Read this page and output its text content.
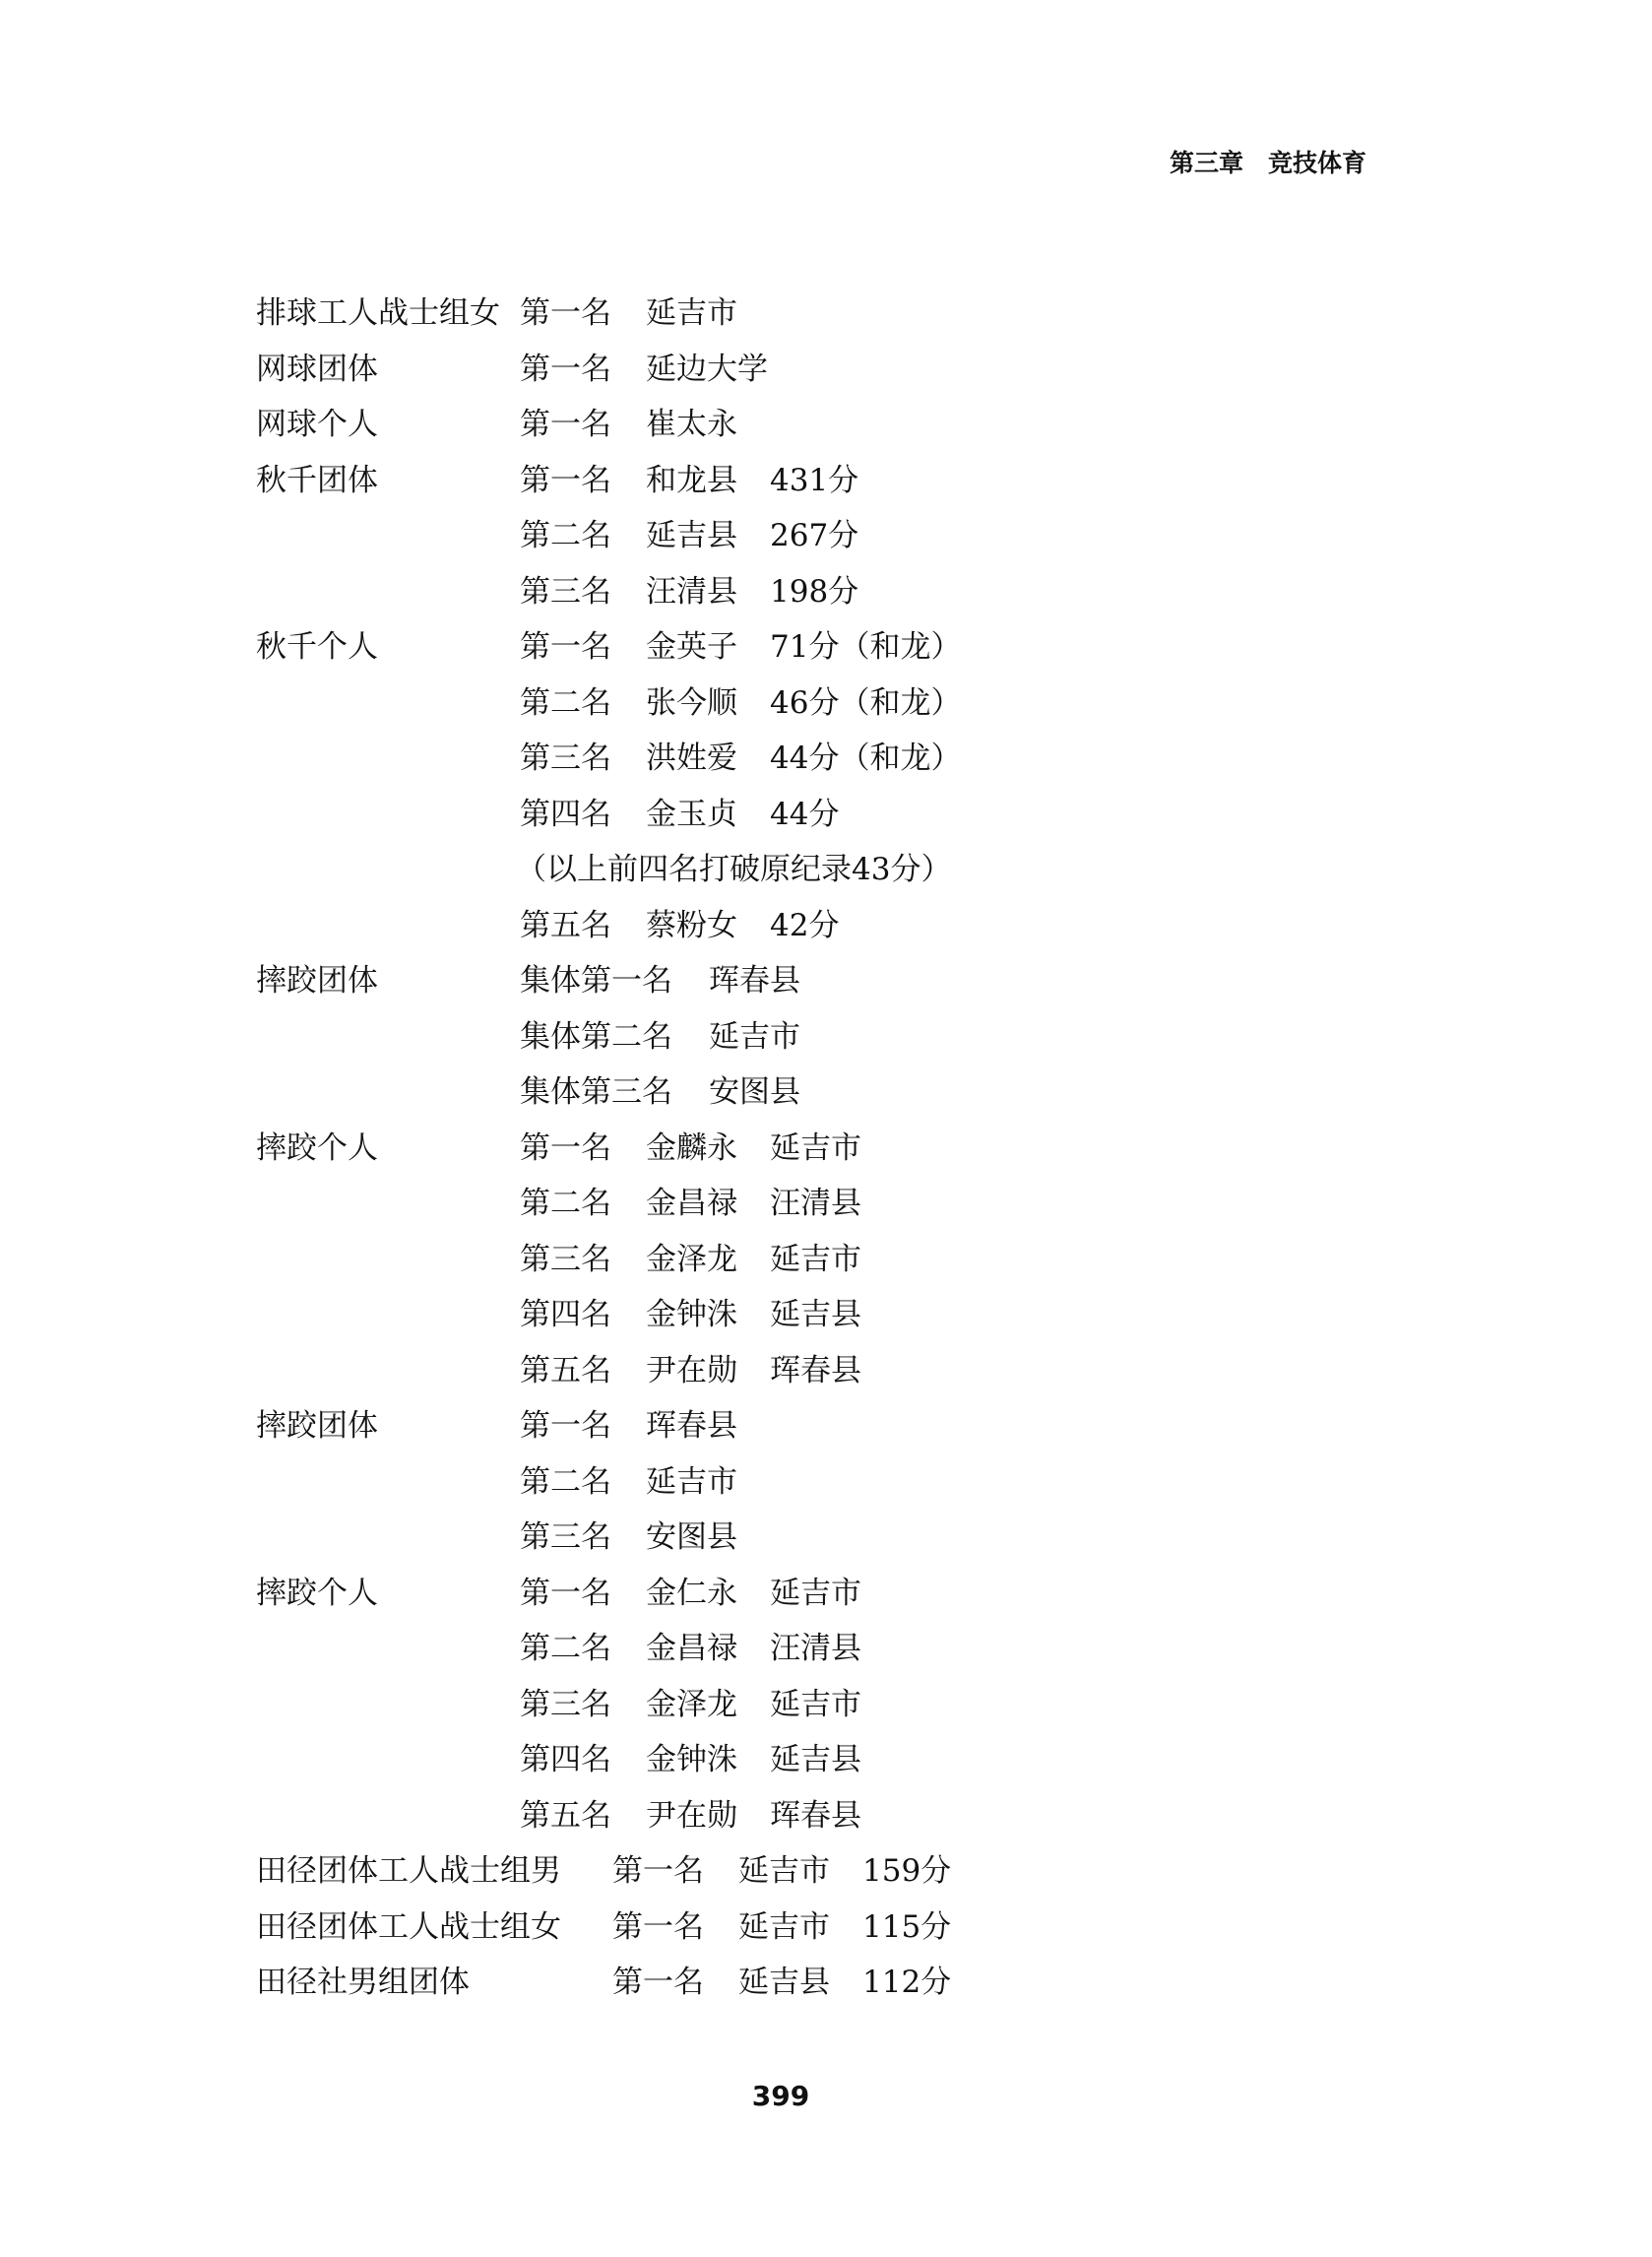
第三章　竞技体育
排球工人战士组女 第一名 延吉市
网球团体	第一名 延边大学
网球个人	第一名 崔太永
秋千团体	第一名 和龙县 431分
第二名 延吉县 267分
第三名 汪清县 198分
秋千个人	第一名 金英子 71分（和龙）
第二名 张今顺 46分（和龙）
第三名 洪姓爱 44分（和龙）
第四名 金玉贞 44分
（以上前四名打破原纪录43分）
第五名 蔡粉女 42分
摔跤团体	集体第一名 珲春县
集体第二名 延吉市
集体第三名 安图县
摔跤个人	第一名 金麟永 延吉市
第二名 金昌禄 汪清县
第三名 金泽龙 延吉市
第四名 金钟洙 延吉县
第五名 尹在勋 珲春县
摔跤团体	第一名 珲春县
第二名 延吉市
第三名 安图县
摔跤个人	第一名 金仁永 延吉市
第二名 金昌禄 汪清县
第三名 金泽龙 延吉市
第四名 金钟洙 延吉县
第五名 尹在勋 珲春县
田径团体工人战士组男 第一名 延吉市 159分
田径团体工人战士组女 第一名 延吉市 115分
田径社男组团体	第一名 延吉县 112分
399
